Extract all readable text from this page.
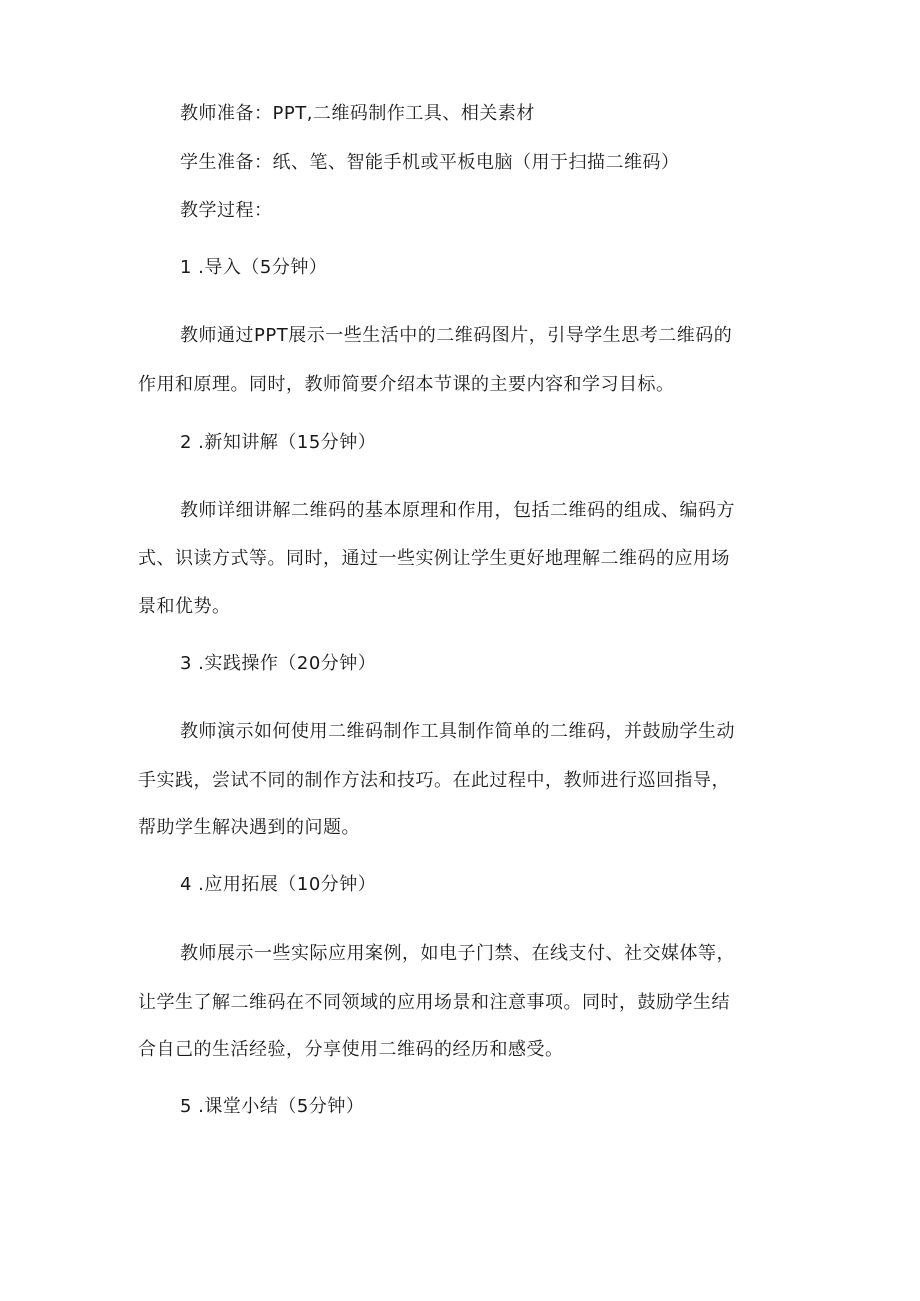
教师准备：PPT,二维码制作工具、相关素材

学生准备：纸、笔、智能手机或平板电脑（用于扫描二维码）

教学过程：

1 .导入（5分钟）

教师通过PPT展示一些生活中的二维码图片，引导学生思考二维码的

作用和原理。同时，教师简要介绍本节课的主要内容和学习目标。

2 .新知讲解（15分钟）

教师详细讲解二维码的基本原理和作用，包括二维码的组成、编码方

式、识读方式等。同时，通过一些实例让学生更好地理解二维码的应用场

景和优势。

3 .实践操作（20分钟）

教师演示如何使用二维码制作工具制作简单的二维码，并鼓励学生动

手实践，尝试不同的制作方法和技巧。在此过程中，教师进行巡回指导，

帮助学生解决遇到的问题。

4 .应用拓展（10分钟）

教师展示一些实际应用案例，如电子门禁、在线支付、社交媒体等，

让学生了解二维码在不同领域的应用场景和注意事项。同时，鼓励学生结

合自己的生活经验，分享使用二维码的经历和感受。

5 .课堂小结（5分钟）
